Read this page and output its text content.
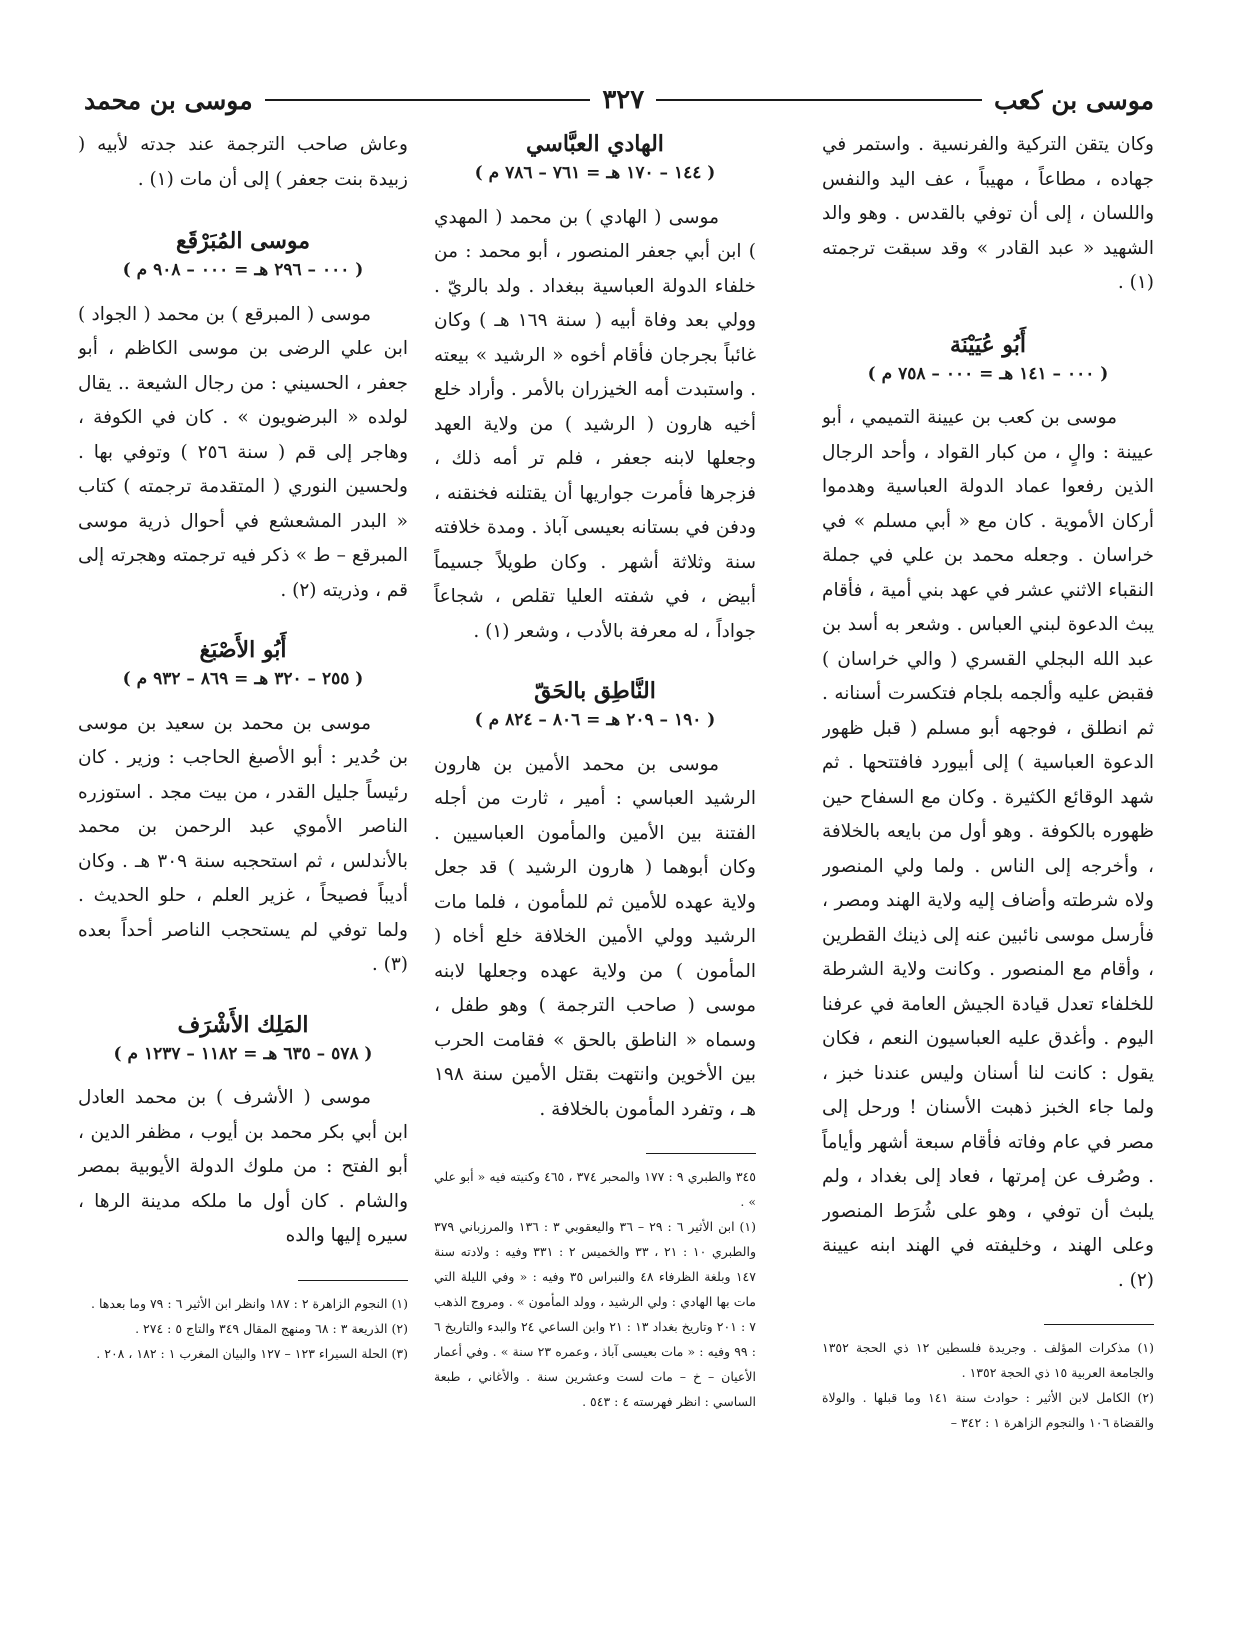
موسى بن كعب
٣٢٧
موسى بن محمد

وكان يتقن التركية والفرنسية . واستمر في جهاده ، مطاعاً ، مهيباً ، عف اليد والنفس واللسان ، إلى أن توفي بالقدس . وهو والد الشهيد « عبد القادر » وقد سبقت ترجمته (١) .

أَبُو عُيَيْنَة

( ٠٠٠ – ١٤١ هـ = ٠٠٠ – ٧٥٨ م )

موسى بن كعب بن عيينة التميمي ، أبو عيينة : والٍ ، من كبار القواد ، وأحد الرجال الذين رفعوا عماد الدولة العباسية وهدموا أركان الأموية . كان مع « أبي مسلم » في خراسان . وجعله محمد بن علي في جملة النقباء الاثني عشر في عهد بني أمية ، فأقام يبث الدعوة لبني العباس . وشعر به أسد بن عبد الله البجلي القسري ( والي خراسان ) فقبض عليه وألجمه بلجام فتكسرت أسنانه . ثم انطلق ، فوجهه أبو مسلم ( قبل ظهور الدعوة العباسية ) إلى أبيورد فافتتحها . ثم شهد الوقائع الكثيرة . وكان مع السفاح حين ظهوره بالكوفة . وهو أول من بايعه بالخلافة ، وأخرجه إلى الناس . ولما ولي المنصور ولاه شرطته وأضاف إليه ولاية الهند ومصر ، فأرسل موسى نائبين عنه إلى ذينك القطرين ، وأقام مع المنصور . وكانت ولاية الشرطة للخلفاء تعدل قيادة الجيش العامة في عرفنا اليوم . وأغدق عليه العباسيون النعم ، فكان يقول : كانت لنا أسنان وليس عندنا خبز ، ولما جاء الخبز ذهبت الأسنان ! ورحل إلى مصر في عام وفاته فأقام سبعة أشهر وأياماً . وصُرف عن إمرتها ، فعاد إلى بغداد ، ولم يلبث أن توفي ، وهو على شُرَط المنصور وعلى الهند ، وخليفته في الهند ابنه عيينة (٢) .

(١) مذكرات المؤلف . وجريدة فلسطين ١٢ ذي الحجة ١٣٥٢ والجامعة العربية ١٥ ذي الحجة ١٣٥٢ .

(٢) الكامل لابن الأثير : حوادث سنة ١٤١ وما قبلها . والولاة والقضاة ١٠٦ والنجوم الزاهرة ١ : ٣٤٢ –

الهادي العبَّاسي

( ١٤٤ – ١٧٠ هـ = ٧٦١ – ٧٨٦ م )

موسى ( الهادي ) بن محمد ( المهدي ) ابن أبي جعفر المنصور ، أبو محمد : من خلفاء الدولة العباسية ببغداد . ولد بالريّ . وولي بعد وفاة أبيه ( سنة ١٦٩ هـ ) وكان غائباً بجرجان فأقام أخوه « الرشيد » بيعته . واستبدت أمه الخيزران بالأمر . وأراد خلع أخيه هارون ( الرشيد ) من ولاية العهد وجعلها لابنه جعفر ، فلم تر أمه ذلك ، فزجرها فأمرت جواريها أن يقتلنه فخنقنه ، ودفن في بستانه بعيسى آباذ . ومدة خلافته سنة وثلاثة أشهر . وكان طويلاً جسيماً أبيض ، في شفته العليا تقلص ، شجاعاً جواداً ، له معرفة بالأدب ، وشعر (١) .

النَّاطِق بالحَقّ

( ١٩٠ – ٢٠٩ هـ = ٨٠٦ – ٨٢٤ م )

موسى بن محمد الأمين بن هارون الرشيد العباسي : أمير ، ثارت من أجله الفتنة بين الأمين والمأمون العباسيين . وكان أبوهما ( هارون الرشيد ) قد جعل ولاية عهده للأمين ثم للمأمون ، فلما مات الرشيد وولي الأمين الخلافة خلع أخاه ( المأمون ) من ولاية عهده وجعلها لابنه موسى ( صاحب الترجمة ) وهو طفل ، وسماه « الناطق بالحق » فقامت الحرب بين الأخوين وانتهت بقتل الأمين سنة ١٩٨ هـ ، وتفرد المأمون بالخلافة .

٣٤٥ والطبري ٩ : ١٧٧ والمحبر ٣٧٤ ، ٤٦٥ وكنيته فيه « أبو علي » .

(١) ابن الأثير ٦ : ٢٩ – ٣٦ واليعقوبي ٣ : ١٣٦ والمرزباني ٣٧٩ والطبري ١٠ : ٢١ ، ٣٣ والخميس ٢ : ٣٣١ وفيه : ولادته سنة ١٤٧ وبلغة الظرفاء ٤٨ والنبراس ٣٥ وفيه : « وفي الليلة التي مات بها الهادي : ولي الرشيد ، وولد المأمون » . ومروج الذهب ٧ : ٢٠١ وتاريخ بغداد ١٣ : ٢١ وابن الساعي ٢٤ والبدء والتاريخ ٦ : ٩٩ وفيه : « مات بعيسى آباذ ، وعمره ٢٣ سنة » . وفي أعمار الأعيان – خ – مات لست وعشرين سنة . والأغاني ، طبعة الساسي : انظر فهرسته ٤ : ٥٤٣ .

وعاش صاحب الترجمة عند جدته لأبيه ( زبيدة بنت جعفر ) إلى أن مات (١) .

موسى المُبَرْقَع

( ٠٠٠ – ٢٩٦ هـ = ٠٠٠ – ٩٠٨ م )

موسى ( المبرقع ) بن محمد ( الجواد ) ابن علي الرضى بن موسى الكاظم ، أبو جعفر ، الحسيني : من رجال الشيعة .. يقال لولده « البرضويون » . كان في الكوفة ، وهاجر إلى قم ( سنة ٢٥٦ ) وتوفي بها . ولحسين النوري ( المتقدمة ترجمته ) كتاب « البدر المشعشع في أحوال ذرية موسى المبرقع – ط » ذكر فيه ترجمته وهجرته إلى قم ، وذريته (٢) .

أَبُو الأَصْبَغ

( ٢٥٥ – ٣٢٠ هـ = ٨٦٩ – ٩٣٢ م )

موسى بن محمد بن سعيد بن موسى بن حُدير : أبو الأصبغ الحاجب : وزير . كان رئيساً جليل القدر ، من بيت مجد . استوزره الناصر الأموي عبد الرحمن بن محمد بالأندلس ، ثم استحجبه سنة ٣٠٩ هـ . وكان أديباً فصيحاً ، غزير العلم ، حلو الحديث . ولما توفي لم يستحجب الناصر أحداً بعده (٣) .

المَلِك الأَشْرَف

( ٥٧٨ – ٦٣٥ هـ = ١١٨٢ – ١٢٣٧ م )

موسى ( الأشرف ) بن محمد العادل ابن أبي بكر محمد بن أيوب ، مظفر الدين ، أبو الفتح : من ملوك الدولة الأيوبية بمصر والشام . كان أول ما ملكه مدينة الرها ، سيره إليها والده

(١) النجوم الزاهرة ٢ : ١٨٧ وانظر ابن الأثير ٦ : ٧٩ وما بعدها .

(٢) الذريعة ٣ : ٦٨ ومنهج المقال ٣٤٩ والتاج ٥ : ٢٧٤ .

(٣) الحلة السيراء ١٢٣ – ١٢٧ والبيان المغرب ١ : ١٨٢ ، ٢٠٨ .
